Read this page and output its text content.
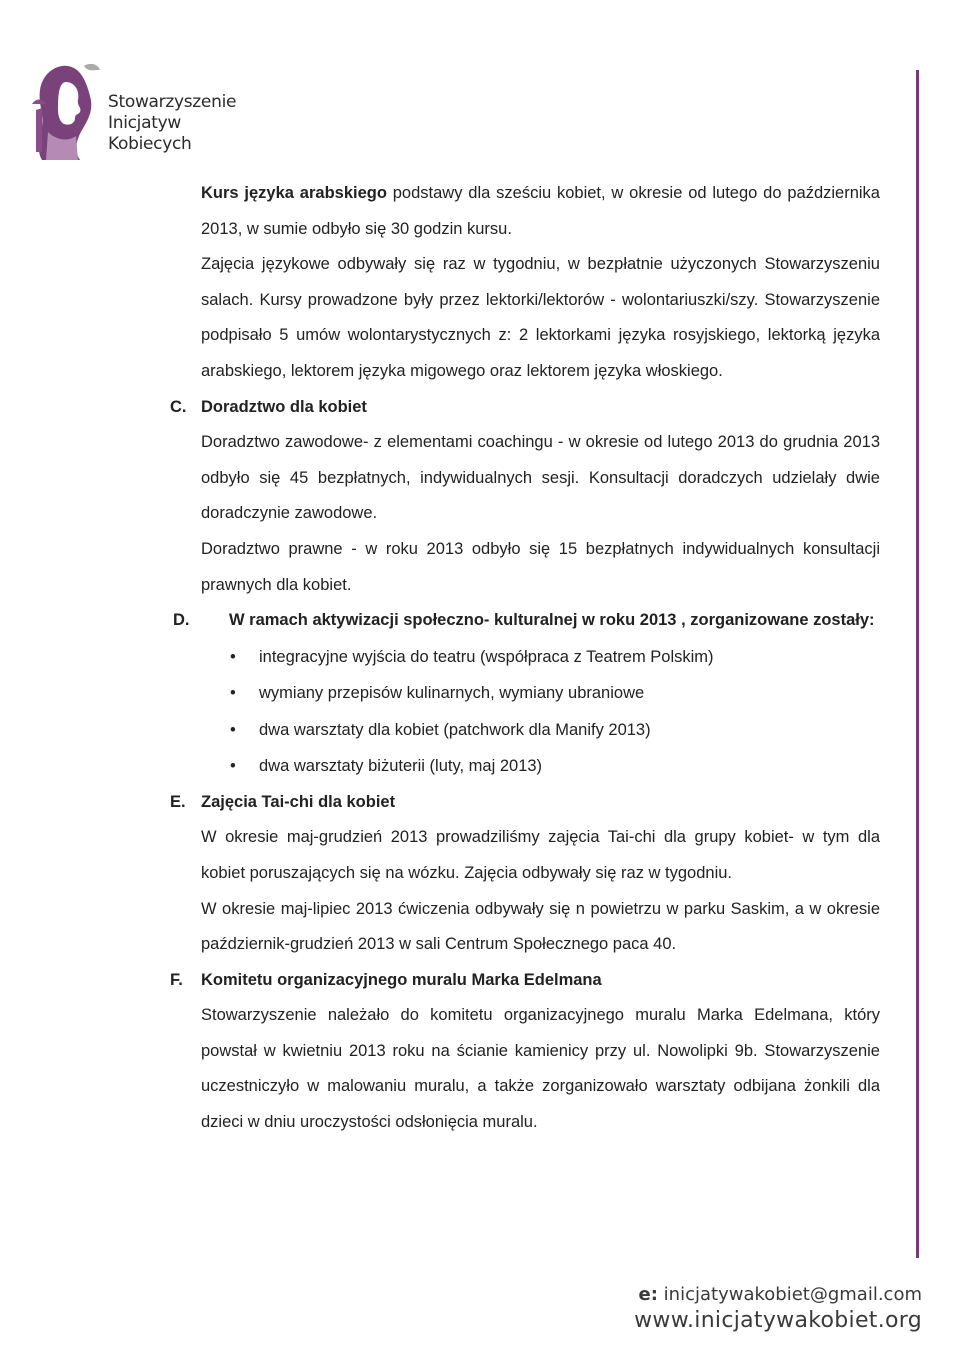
Stowarzyszenie
Inicjatyw
Kobiecych

Kurs języka arabskiego podstawy dla sześciu kobiet, w okresie od lutego do października 2013, w sumie odbyło się 30 godzin kursu.

Zajęcia językowe odbywały się raz w tygodniu, w bezpłatnie użyczonych Stowarzyszeniu salach. Kursy prowadzone były przez lektorki/lektorów - wolontariuszki/szy. Stowarzyszenie podpisało 5 umów wolontarystycznych z: 2 lektorkami języka rosyjskiego, lektorką języka arabskiego, lektorem języka migowego oraz lektorem języka włoskiego.

C. Doradztwo dla kobiet

Doradztwo zawodowe- z elementami coachingu - w okresie od lutego 2013 do grudnia 2013 odbyło się 45 bezpłatnych, indywidualnych sesji. Konsultacji doradczych udzielały dwie doradczynie zawodowe.

Doradztwo prawne - w roku 2013 odbyło się 15 bezpłatnych indywidualnych konsultacji prawnych dla kobiet.

D. W ramach aktywizacji społeczno- kulturalnej w roku 2013 , zorganizowane zostały:
• integracyjne wyjścia do teatru (współpraca z Teatrem Polskim)
• wymiany przepisów kulinarnych, wymiany ubraniowe
• dwa warsztaty dla kobiet (patchwork dla Manify 2013)
• dwa warsztaty biżuterii (luty, maj 2013)
E. Zajęcia Tai-chi dla kobiet

W okresie maj-grudzień 2013 prowadziliśmy zajęcia Tai-chi dla grupy kobiet- w tym dla kobiet poruszających się na wózku. Zajęcia odbywały się raz w tygodniu.

W okresie maj-lipiec 2013 ćwiczenia odbywały się n powietrzu w parku Saskim, a w okresie październik-grudzień 2013 w sali Centrum Społecznego paca 40.

F. Komitetu organizacyjnego muralu Marka Edelmana

Stowarzyszenie należało do komitetu organizacyjnego muralu Marka Edelmana, który powstał w kwietniu 2013 roku na ścianie kamienicy przy ul. Nowolipki 9b. Stowarzyszenie uczestniczyło w malowaniu muralu, a także zorganizowało warsztaty odbijana żonkili dla dzieci w dniu uroczystości odsłonięcia muralu.

e: inicjatywakobiet@gmail.com
www.inicjatywakobiet.org
